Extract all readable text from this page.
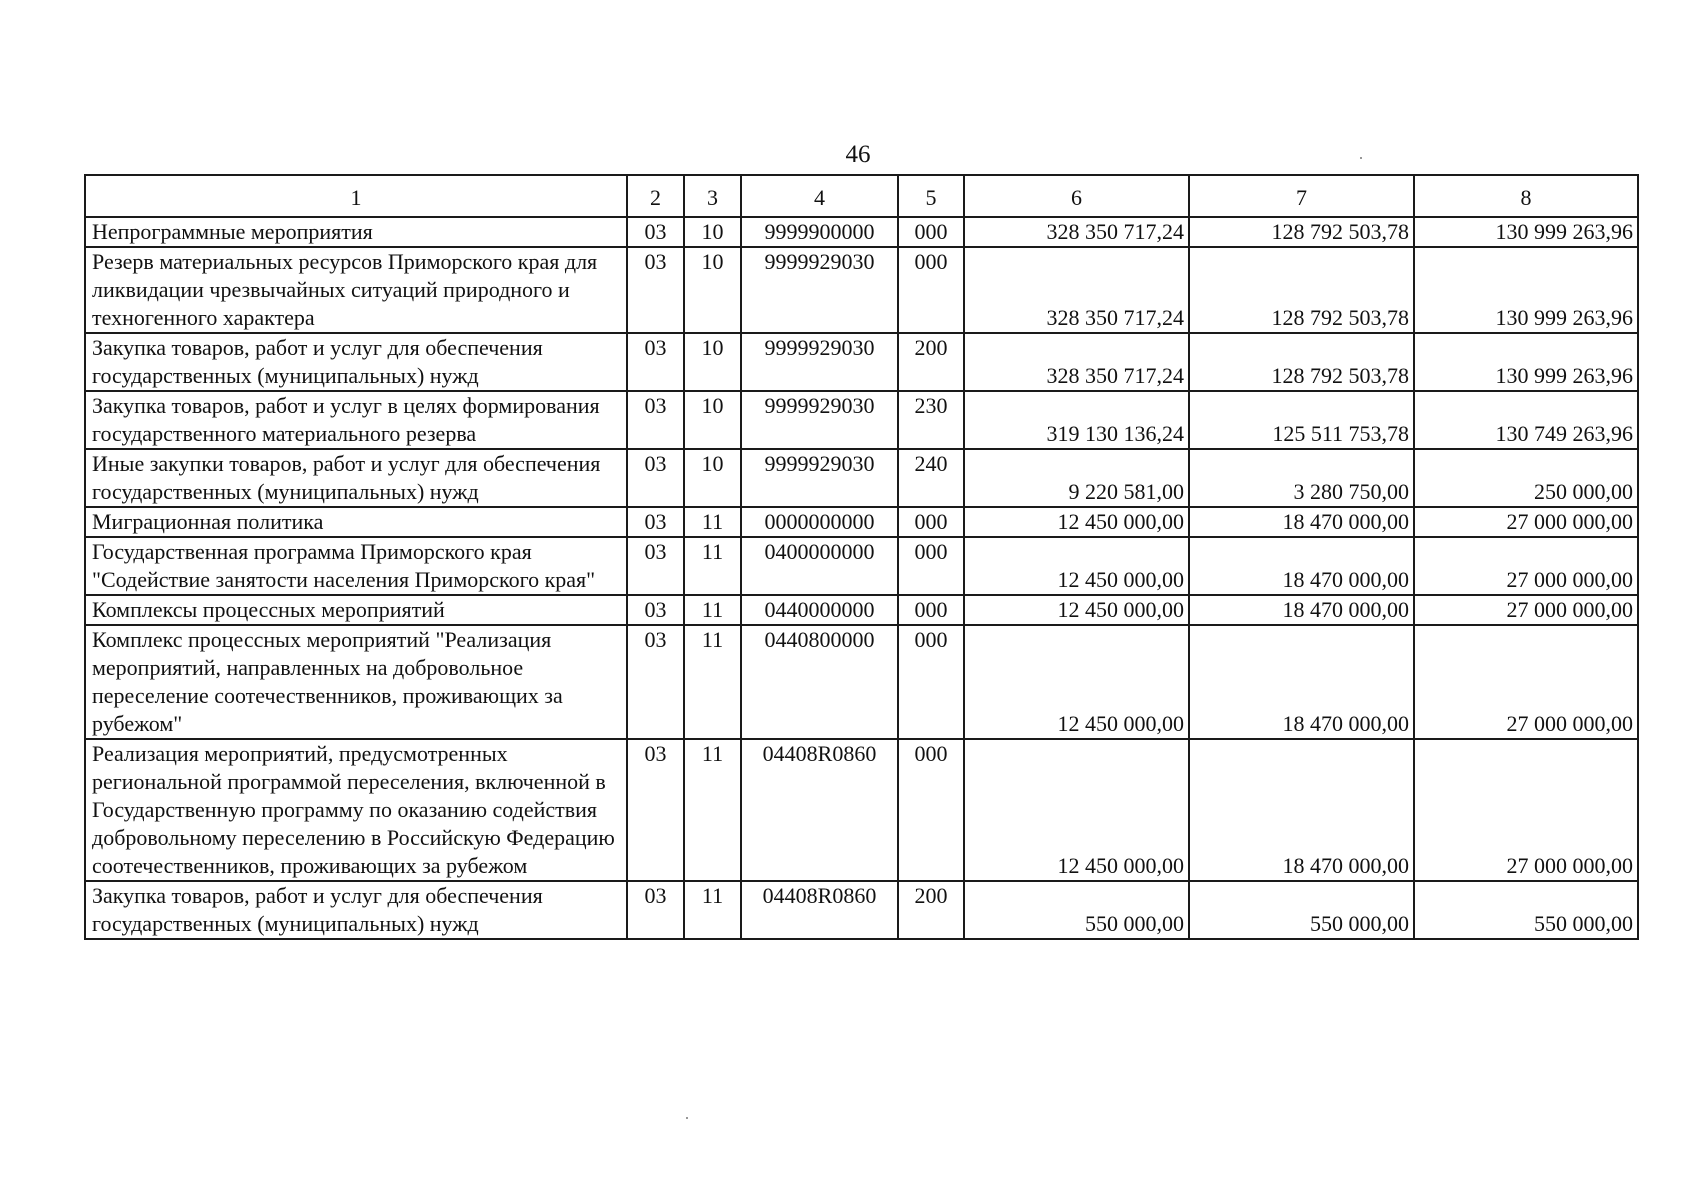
46
1	2	3	4	5	6	7	8
Непрограммные мероприятия	03	10	9999900000	000	328 350 717,24	128 792 503,78	130 999 263,96
Резерв материальных ресурсов Приморского края для ликвидации чрезвычайных ситуаций природного и техногенного характера	03	10	9999929030	000	328 350 717,24	128 792 503,78	130 999 263,96
Закупка товаров, работ и услуг для обеспечения государственных (муниципальных) нужд	03	10	9999929030	200	328 350 717,24	128 792 503,78	130 999 263,96
Закупка товаров, работ и услуг в целях формирования государственного материального резерва	03	10	9999929030	230	319 130 136,24	125 511 753,78	130 749 263,96
Иные закупки товаров, работ и услуг для обеспечения государственных (муниципальных) нужд	03	10	9999929030	240	9 220 581,00	3 280 750,00	250 000,00
Миграционная политика	03	11	0000000000	000	12 450 000,00	18 470 000,00	27 000 000,00
Государственная программа Приморского края "Содействие занятости населения Приморского края"	03	11	0400000000	000	12 450 000,00	18 470 000,00	27 000 000,00
Комплексы процессных мероприятий	03	11	0440000000	000	12 450 000,00	18 470 000,00	27 000 000,00
Комплекс процессных мероприятий "Реализация мероприятий, направленных на добровольное переселение соотечественников, проживающих за рубежом"	03	11	0440800000	000	12 450 000,00	18 470 000,00	27 000 000,00
Реализация мероприятий, предусмотренных региональной программой переселения, включенной в Государственную программу по оказанию содействия добровольному переселению в Российскую Федерацию соотечественников, проживающих за рубежом	03	11	04408R0860	000	12 450 000,00	18 470 000,00	27 000 000,00
Закупка товаров, работ и услуг для обеспечения государственных (муниципальных) нужд	03	11	04408R0860	200	550 000,00	550 000,00	550 000,00
